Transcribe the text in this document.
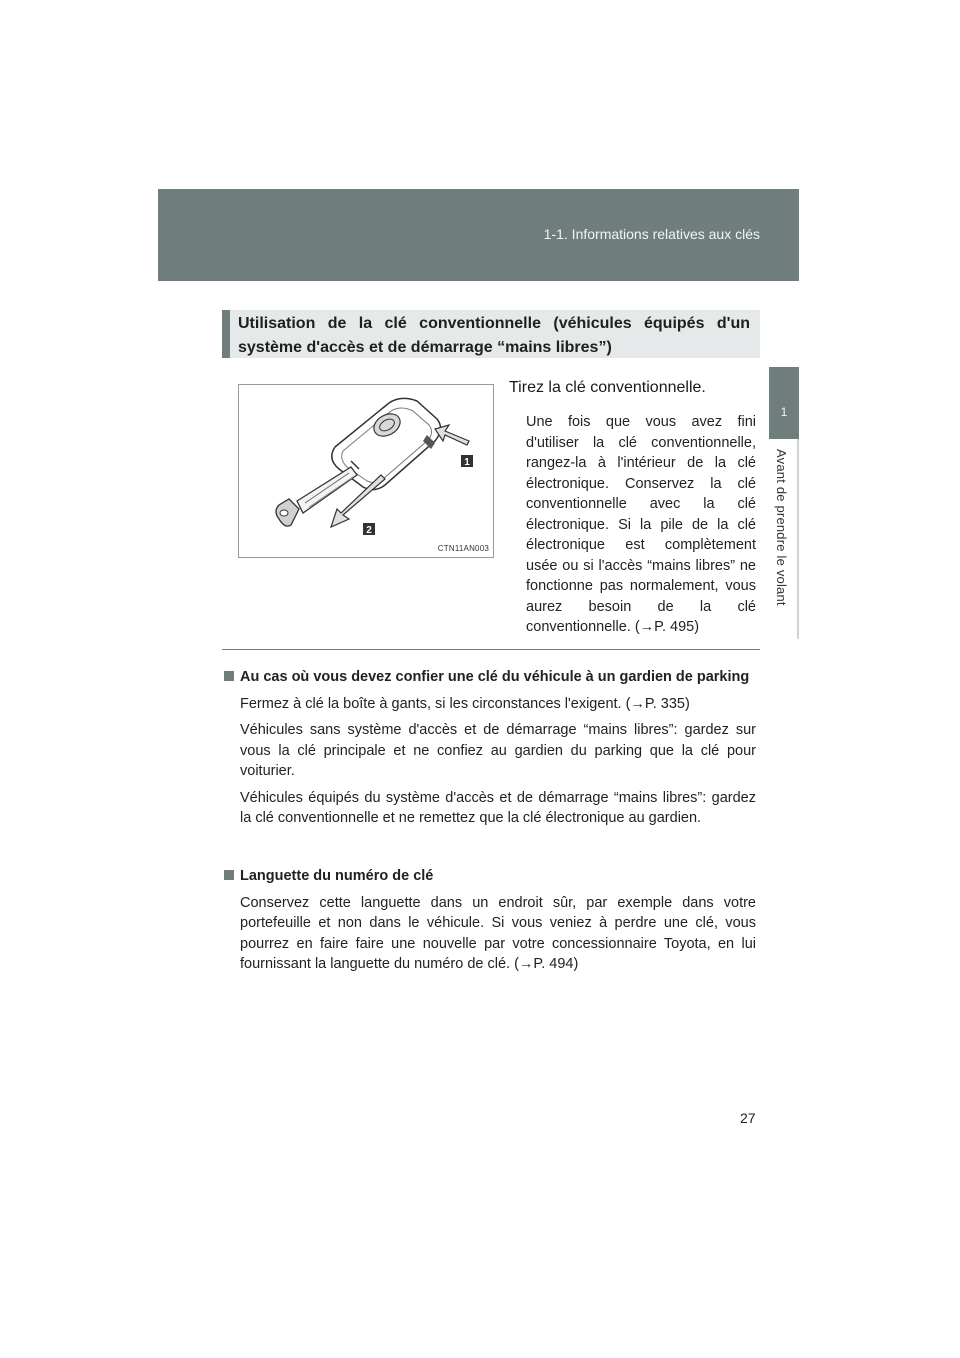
1-1. Informations relatives aux clés
1
Avant de prendre le volant
Utilisation de la clé conventionnelle (véhicules équipés d'un système d'accès et de démarrage “mains libres”)
1
2
CTN11AN003
Tirez la clé conventionnelle.
Une fois que vous avez fini d'utiliser la clé conventionnelle, rangez-la à l'intérieur de la clé électronique. Conservez la clé conventionnelle avec la clé électronique. Si la pile de la clé électronique est complètement usée ou si l'accès “mains libres” ne fonctionne pas normalement, vous aurez besoin de la clé conventionnelle. (→P. 495)
Au cas où vous devez confier une clé du véhicule à un gardien de parking
Fermez à clé la boîte à gants, si les circonstances l'exigent. (→P. 335)
Véhicules sans système d'accès et de démarrage “mains libres”: gardez sur vous la clé principale et ne confiez au gardien du parking que la clé pour voiturier.
Véhicules équipés du système d'accès et de démarrage “mains libres”: gardez la clé conventionnelle et ne remettez que la clé électronique au gardien.
Languette du numéro de clé
Conservez cette languette dans un endroit sûr, par exemple dans votre portefeuille et non dans le véhicule. Si vous veniez à perdre une clé, vous pourrez en faire faire une nouvelle par votre concessionnaire Toyota, en lui fournissant la languette du numéro de clé. (→P. 494)
27
